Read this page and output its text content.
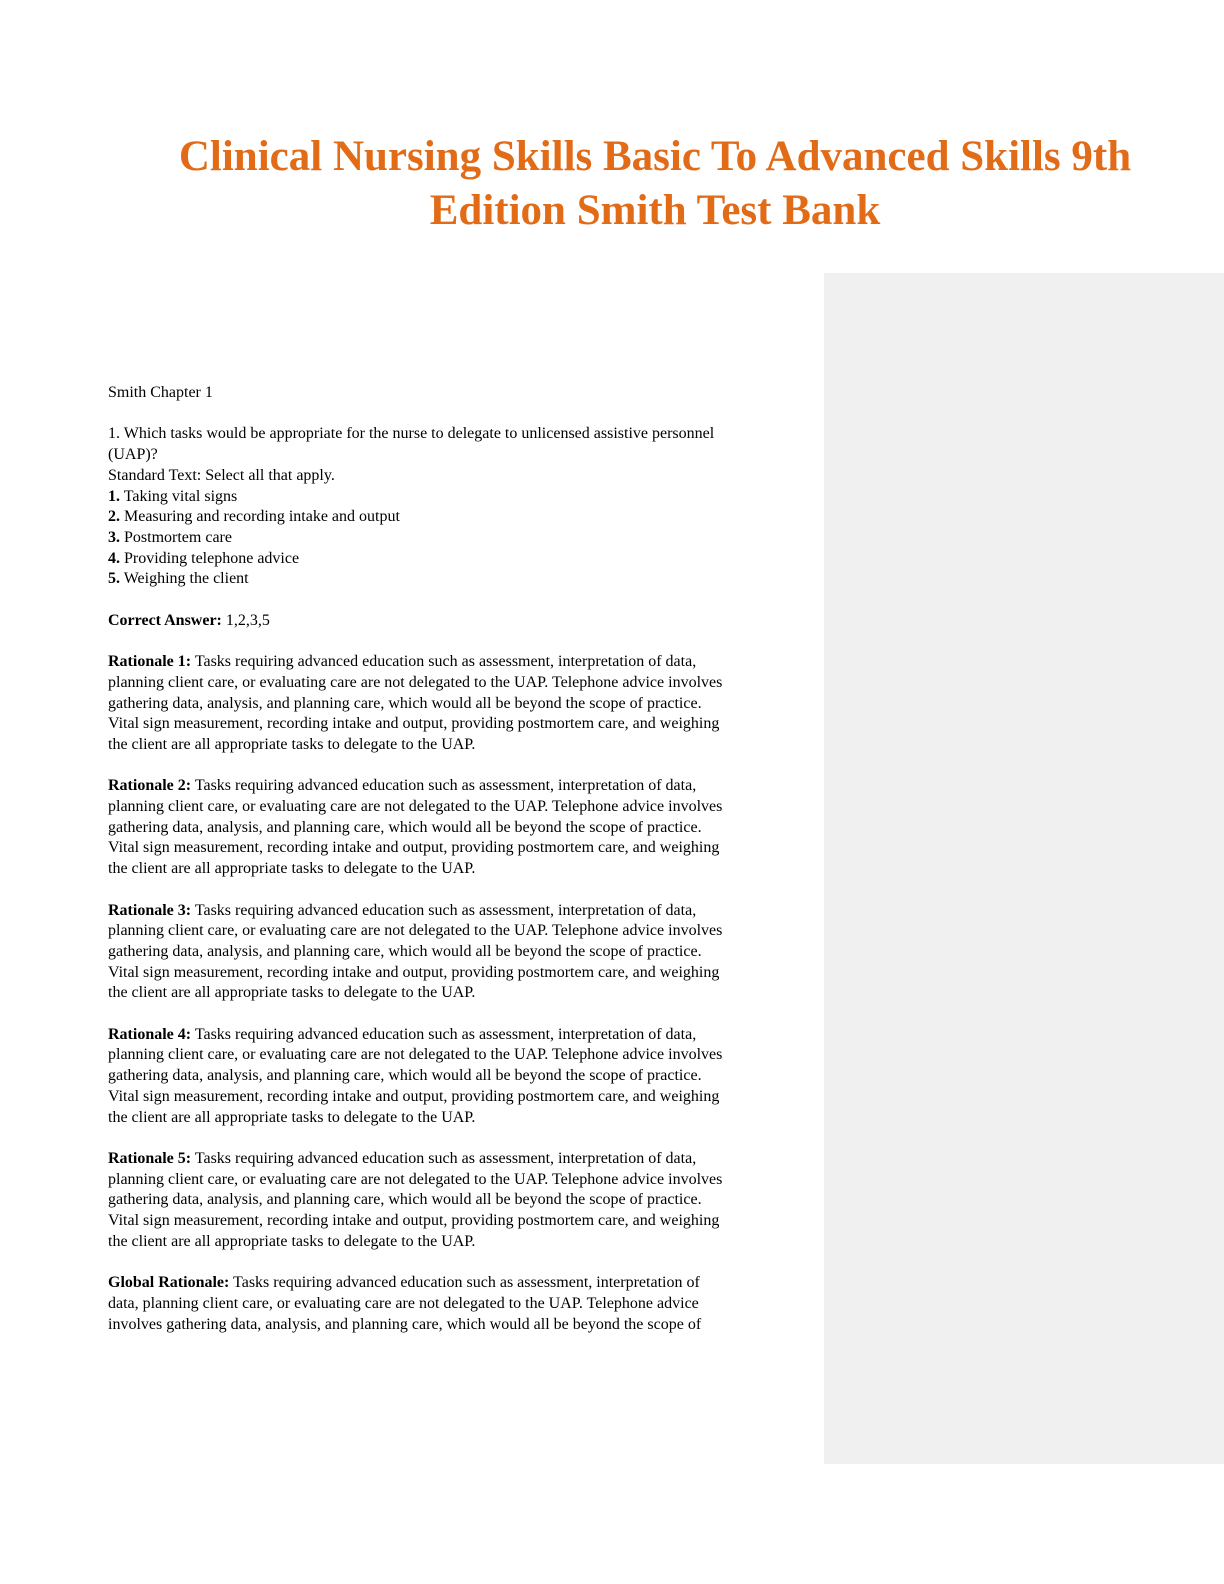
Clinical Nursing Skills Basic To Advanced Skills 9th
Edition Smith Test Bank

Smith Chapter 1

1. Which tasks would be appropriate for the nurse to delegate to unlicensed assistive personnel

(UAP)?

Standard Text: Select all that apply.

1. Taking vital signs

2. Measuring and recording intake and output

3. Postmortem care

4. Providing telephone advice

5. Weighing the client

Correct Answer: 1,2,3,5

Rationale 1: Tasks requiring advanced education such as assessment, interpretation of data,

planning client care, or evaluating care are not delegated to the UAP. Telephone advice involves

gathering data, analysis, and planning care, which would all be beyond the scope of practice.

Vital sign measurement, recording intake and output, providing postmortem care, and weighing

the client are all appropriate tasks to delegate to the UAP.

Rationale 2: Tasks requiring advanced education such as assessment, interpretation of data,

planning client care, or evaluating care are not delegated to the UAP. Telephone advice involves

gathering data, analysis, and planning care, which would all be beyond the scope of practice.

Vital sign measurement, recording intake and output, providing postmortem care, and weighing

the client are all appropriate tasks to delegate to the UAP.

Rationale 3: Tasks requiring advanced education such as assessment, interpretation of data,

planning client care, or evaluating care are not delegated to the UAP. Telephone advice involves

gathering data, analysis, and planning care, which would all be beyond the scope of practice.

Vital sign measurement, recording intake and output, providing postmortem care, and weighing

the client are all appropriate tasks to delegate to the UAP.

Rationale 4: Tasks requiring advanced education such as assessment, interpretation of data,

planning client care, or evaluating care are not delegated to the UAP. Telephone advice involves

gathering data, analysis, and planning care, which would all be beyond the scope of practice.

Vital sign measurement, recording intake and output, providing postmortem care, and weighing

the client are all appropriate tasks to delegate to the UAP.

Rationale 5: Tasks requiring advanced education such as assessment, interpretation of data,

planning client care, or evaluating care are not delegated to the UAP. Telephone advice involves

gathering data, analysis, and planning care, which would all be beyond the scope of practice.

Vital sign measurement, recording intake and output, providing postmortem care, and weighing

the client are all appropriate tasks to delegate to the UAP.

Global Rationale: Tasks requiring advanced education such as assessment, interpretation of

data, planning client care, or evaluating care are not delegated to the UAP. Telephone advice

involves gathering data, analysis, and planning care, which would all be beyond the scope of
